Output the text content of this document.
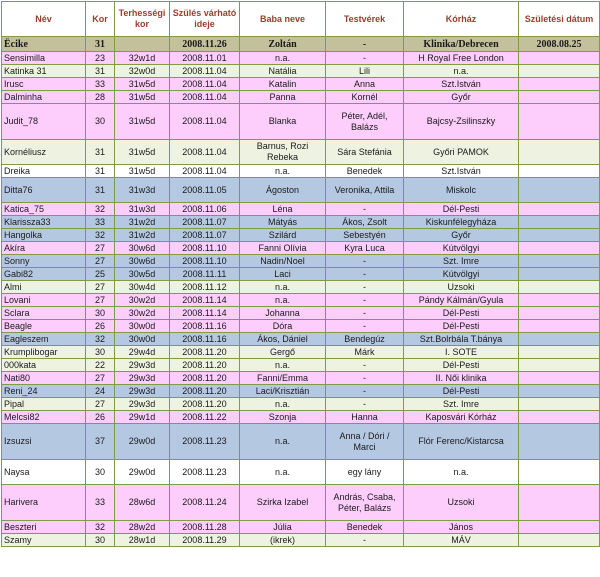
Név	Kor	Terhességi kor	Szülés várható ideje	Baba neve	Testvérek	Kórház	Születési dátum
Ëcike	31		2008.11.26	Zoltán	-	Klinika/Debrecen	2008.08.25
Sensimilla	23	32w1d	2008.11.01	n.a.	-	H Royal Free London	
Katinka 31	31	32w0d	2008.11.04	Natália	Lili	n.a.	
Irusc	33	31w5d	2008.11.04	Katalin	Anna	Szt.István	
Dalminha	28	31w5d	2008.11.04	Panna	Kornél	Győr	
Judit_78	30	31w5d	2008.11.04	Blanka	Péter, Adél, Balázs	Bajcsy-Zsilinszky	
Kornéliusz	31	31w5d	2008.11.04	Barnus, Rozi Rebeka	Sára Stefánia	Győri PAMOK	
Dreika	31	31w5d	2008.11.04	n.a.	Benedek	Szt.István	
Ditta76	31	31w3d	2008.11.05	Ágoston	Veronika, Attila	Miskolc	
Katica_75	32	31w3d	2008.11.06	Léna	-	Dél-Pesti	
Klarissza33	33	31w2d	2008.11.07	Mátyás	Ákos, Zsolt	Kiskunfélegyháza	
Hangolka	32	31w2d	2008.11.07	Szilárd	Sebestyén	Győr	
Akíra	27	30w6d	2008.11.10	Fanni Olívia	Kyra Luca	Kútvölgyi	
Sonny	27	30w6d	2008.11.10	Nadin/Noel	-	Szt. Imre	
Gabi82	25	30w5d	2008.11.11	Laci	-	Kútvölgyi	
Almi	27	30w4d	2008.11.12	n.a.	-	Uzsoki	
Lovani	27	30w2d	2008.11.14	n.a.	-	Pándy Kálmán/Gyula	
Sclara	30	30w2d	2008.11.14	Johanna	-	Dél-Pesti	
Beagle	26	30w0d	2008.11.16	Dóra	-	Dél-Pesti	
Eagleszem	32	30w0d	2008.11.16	Ákos, Dániel	Bendegúz	Szt.Bolrbála T.bánya	
Krumplibogar	30	29w4d	2008.11.20	Gergő	Márk	I. SOTE	
000kata	22	29w3d	2008.11.20	n.a.	-	Dél-Pesti	
Nati80	27	29w3d	2008.11.20	Fanni/Emma	-	II. Női klinika	
Reni_24	24	29w3d	2008.11.20	Laci/Krisztián	-	Dél-Pesti	
Pipal	27	29w3d	2008.11.20	n.a.	-	Szt. Imre	
Melcsi82	26	29w1d	2008.11.22	Szonja	Hanna	Kaposvári Kórház	
Izsuzsi	37	29w0d	2008.11.23	n.a.	Anna / Dóri / Marci	Flór Ferenc/Kistarcsa	
Naysa	30	29w0d	2008.11.23	n.a.	egy lány	n.a.	
Harivera	33	28w6d	2008.11.24	Szirka Izabel	András, Csaba, Péter, Balázs	Uzsoki	
Beszteri	32	28w2d	2008.11.28	Júlia	Benedek	János	
Szamy	30	28w1d	2008.11.29	(ikrek)	-	MÁV	
